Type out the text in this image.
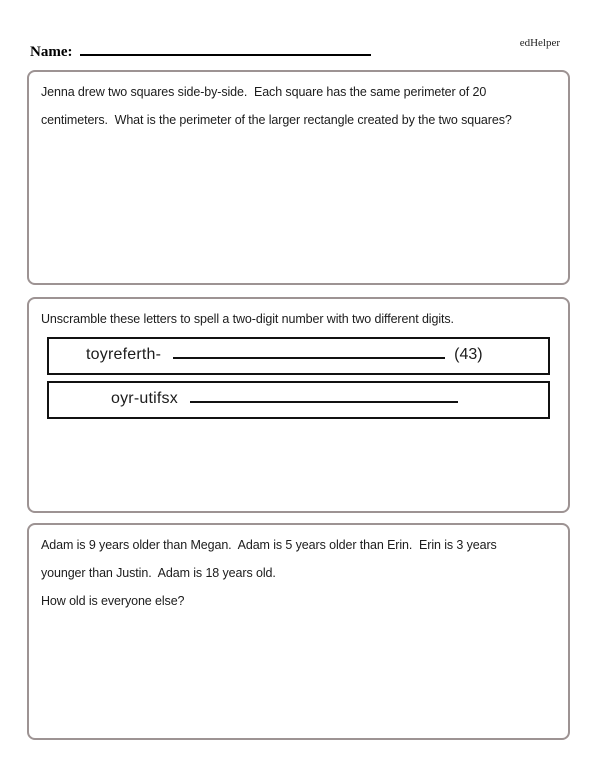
edHelper
Name:
Jenna drew two squares side-by-side.  Each square has the same perimeter of 20
centimeters.  What is the perimeter of the larger rectangle created by the two squares?
Unscramble these letters to spell a two-digit number with two different digits.
toyreferth-	(43)
oyr-utifsx
Adam is 9 years older than Megan.  Adam is 5 years older than Erin.  Erin is 3 years
younger than Justin.  Adam is 18 years old.
How old is everyone else?
